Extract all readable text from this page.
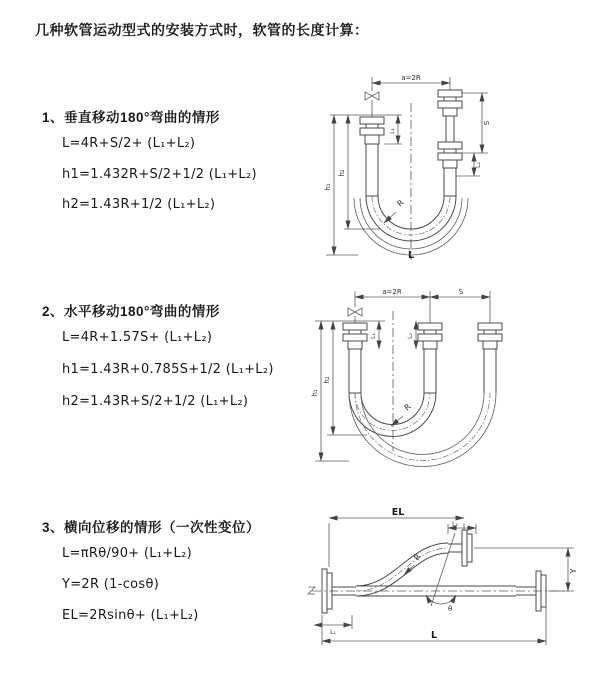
几种软管运动型式的安装方式时，软管的长度计算：
1、垂直移动180°弯曲的情形
L=4R+S/2+ (L₁+L₂)
h1=1.432R+S/2+1/2 (L₁+L₂)
h2=1.43R+1/2 (L₁+L₂)
a=2R
L₁
h₂
h₁
S
L₂
R
L
2、水平移动180°弯曲的情形
L=4R+1.57S+ (L₁+L₂)
h1=1.43R+0.785S+1/2 (L₁+L₂)
h2=1.43R+S/2+1/2 (L₁+L₂)
a=2R	S
L₁	L₂
h₂
h₁
R
3、横向位移的情形（一次性变位）
L=πRθ/90+ (L₁+L₂)
Y=2R (1-cosθ)
EL=2Rsinθ+ (L₁+L₂)
EL
L₂
θ
R
Y
L₁	L
